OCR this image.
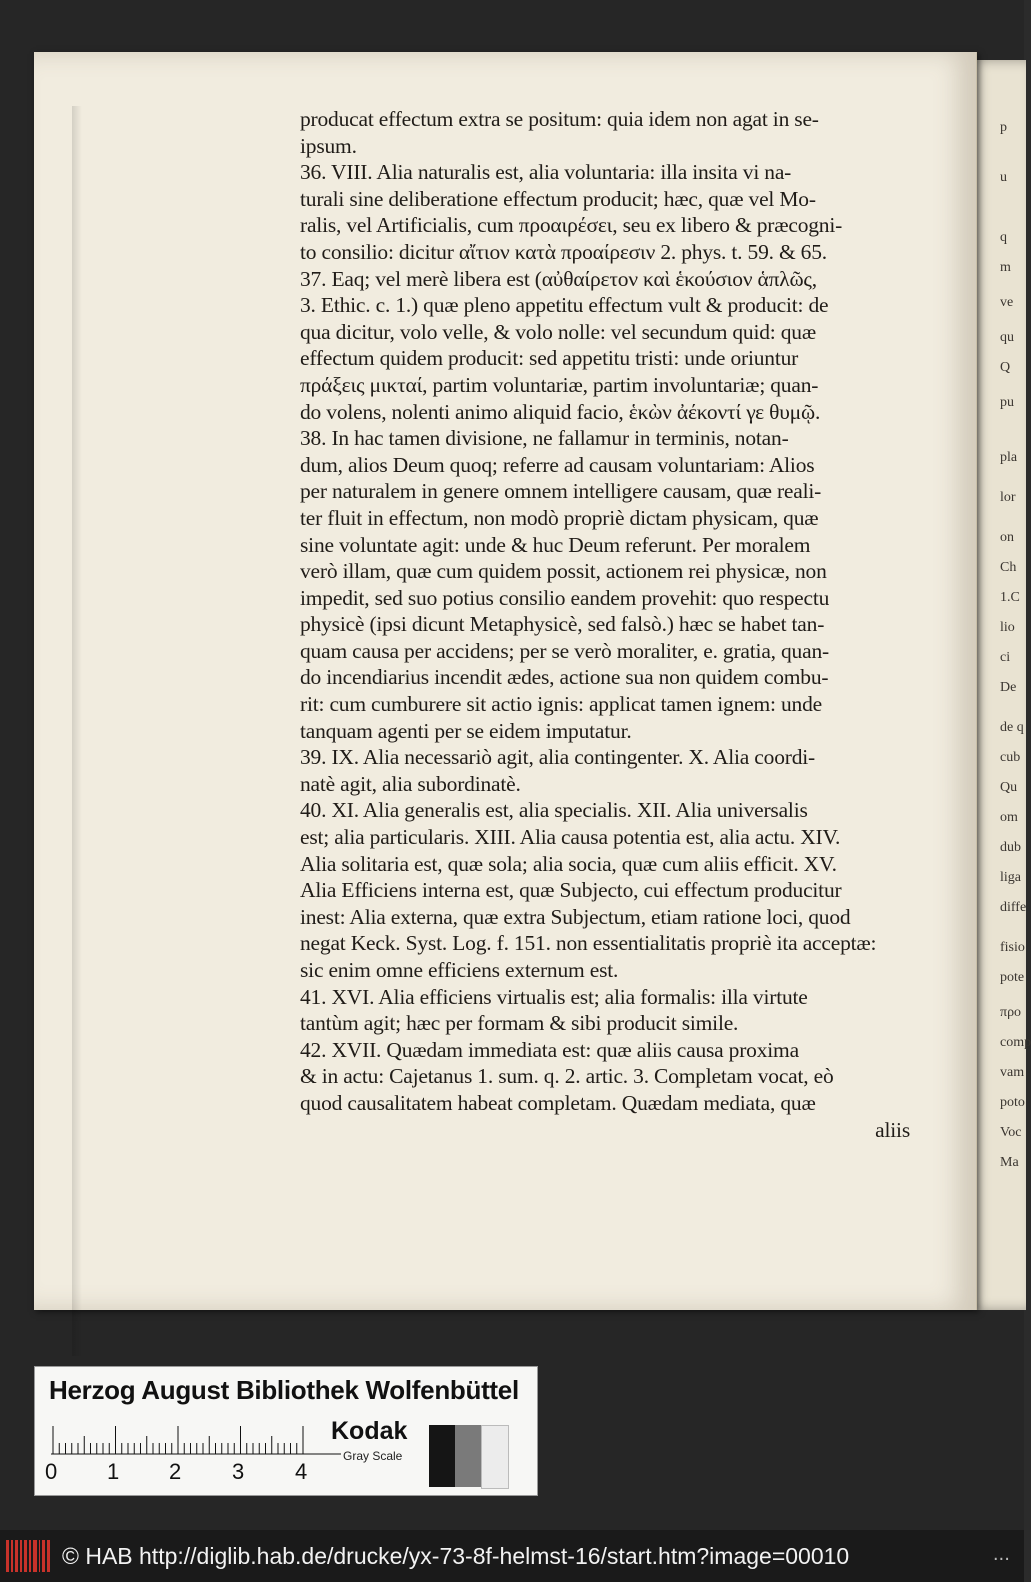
p
u
q
m
ve
qu
Q
pu
pla
lor
on
Ch
1.C
lio
ci
De
de q
cub
Qu
om
dub
liga
diffe
fisio
pote
προ
comp
vam
poto
Voc
Ma
producat effectum extra se positum: quia idem non agat in se-
ipsum.
36. VIII. Alia naturalis est, alia voluntaria: illa insita vi na-
turali sine deliberatione effectum producit; hæc, quæ vel Mo-
ralis, vel Artificialis, cum προαιρέσει, seu ex libero & præcogni-
to consilio: dicitur αἴτιον κατὰ προαίρεσιν 2. phys. t. 59. & 65.
37. Eaq; vel merè libera est (αὐθαίρετον καὶ ἑκούσιον ἁπλῶς,
3. Ethic. c. 1.) quæ pleno appetitu effectum vult & producit: de
qua dicitur, volo velle, & volo nolle: vel secundum quid: quæ
effectum quidem producit: sed appetitu tristi: unde oriuntur
πράξεις μικταί, partim voluntariæ, partim involuntariæ; quan-
do volens, nolenti animo aliquid facio, ἑκὼν ἀέκοντί γε θυμῷ.
38. In hac tamen divisione, ne fallamur in terminis, notan-
dum, alios Deum quoq; referre ad causam voluntariam: Alios
per naturalem in genere omnem intelligere causam, quæ reali-
ter fluit in effectum, non modò propriè dictam physicam, quæ
sine voluntate agit: unde & huc Deum referunt. Per moralem
verò illam, quæ cum quidem possit, actionem rei physicæ, non
impedit, sed suo potius consilio eandem provehit: quo respectu
physicè (ipsi dicunt Metaphysicè, sed falsò.) hæc se habet tan-
quam causa per accidens; per se verò moraliter, e. gratia, quan-
do incendiarius incendit ædes, actione sua non quidem combu-
rit: cum cumburere sit actio ignis: applicat tamen ignem: unde
tanquam agenti per se eidem imputatur.
39. IX. Alia necessariò agit, alia contingenter. X. Alia coordi-
natè agit, alia subordinatè.
40. XI. Alia generalis est, alia specialis. XII. Alia universalis
est; alia particularis. XIII. Alia causa potentia est, alia actu. XIV.
Alia solitaria est, quæ sola; alia socia, quæ cum aliis efficit. XV.
Alia Efficiens interna est, quæ Subjecto, cui effectum producitur
inest: Alia externa, quæ extra Subjectum, etiam ratione loci, quod
negat Keck. Syst. Log. f. 151. non essentialitatis propriè ita acceptæ:
sic enim omne efficiens externum est.
41. XVI. Alia efficiens virtualis est; alia formalis: illa virtute
tantùm agit; hæc per formam & sibi producit simile.
42. XVII. Quædam immediata est: quæ aliis causa proxima
& in actu: Cajetanus 1. sum. q. 2. artic. 3. Completam vocat, eò
quod causalitatem habeat completam. Quædam mediata, quæ
aliis
Herzog August Bibliothek Wolfenbüttel
0 1 2 3 4
Kodak
Gray Scale
© HAB http://diglib.hab.de/drucke/yx-73-8f-helmst-16/start.htm?image=00010	...
